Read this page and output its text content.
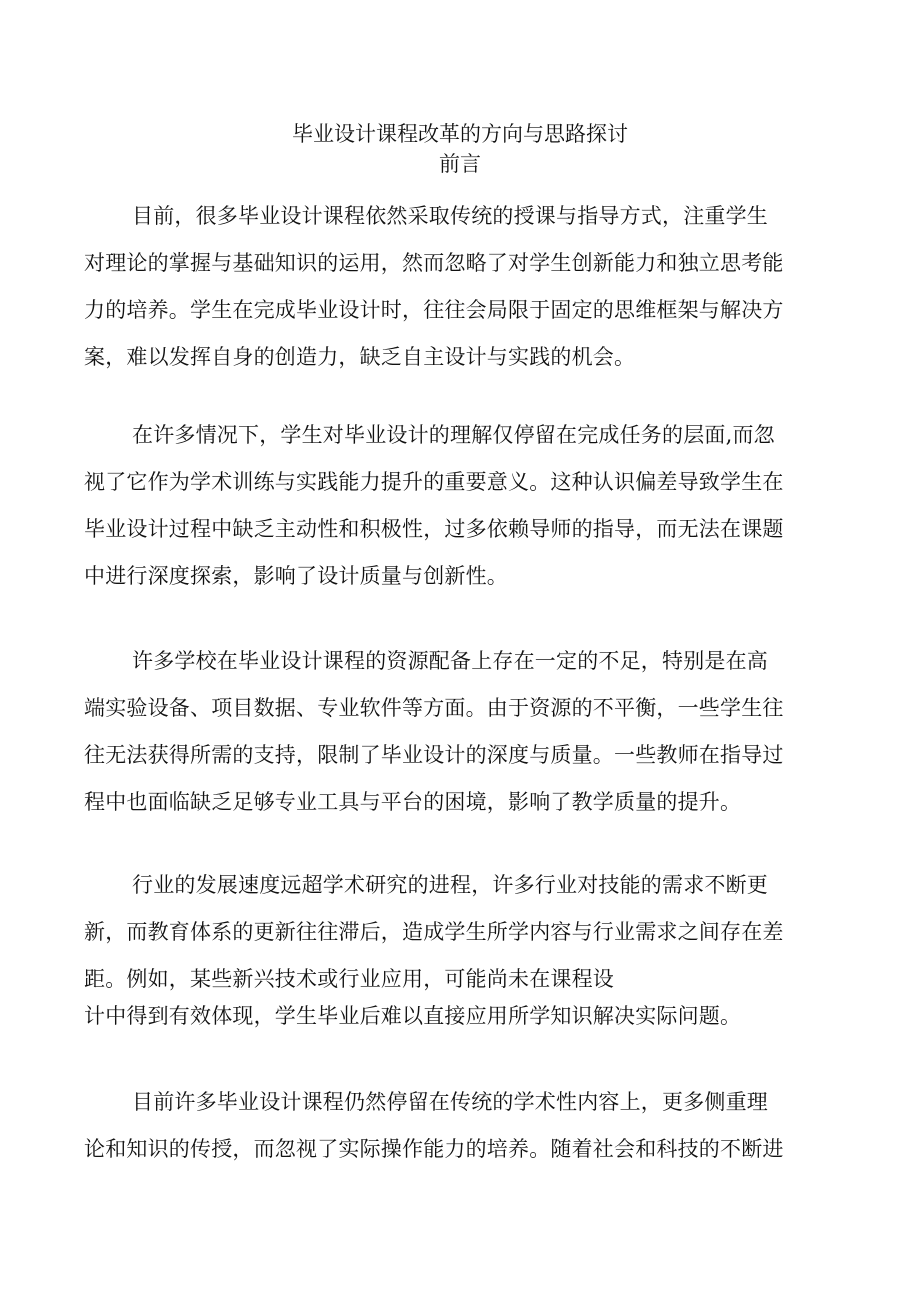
毕业设计课程改革的方向与思路探讨
前言

目前，很多毕业设计课程依然采取传统的授课与指导方式，注重学生
对理论的掌握与基础知识的运用，然而忽略了对学生创新能力和独立思考能
力的培养。学生在完成毕业设计时，往往会局限于固定的思维框架与解决方
案，难以发挥自身的创造力，缺乏自主设计与实践的机会。

在许多情况下，学生对毕业设计的理解仅停留在完成任务的层面,而忽
视了它作为学术训练与实践能力提升的重要意义。这种认识偏差导致学生在
毕业设计过程中缺乏主动性和积极性，过多依赖导师的指导，而无法在课题
中进行深度探索，影响了设计质量与创新性。

许多学校在毕业设计课程的资源配备上存在一定的不足，特别是在高
端实验设备、项目数据、专业软件等方面。由于资源的不平衡，一些学生往
往无法获得所需的支持，限制了毕业设计的深度与质量。一些教师在指导过
程中也面临缺乏足够专业工具与平台的困境，影响了教学质量的提升。

行业的发展速度远超学术研究的进程，许多行业对技能的需求不断更
新，而教育体系的更新往往滞后，造成学生所学内容与行业需求之间存在差
距。例如，某些新兴技术或行业应用，可能尚未在课程设
计中得到有效体现，学生毕业后难以直接应用所学知识解决实际问题。

目前许多毕业设计课程仍然停留在传统的学术性内容上，更多侧重理
论和知识的传授，而忽视了实际操作能力的培养。随着社会和科技的不断进
